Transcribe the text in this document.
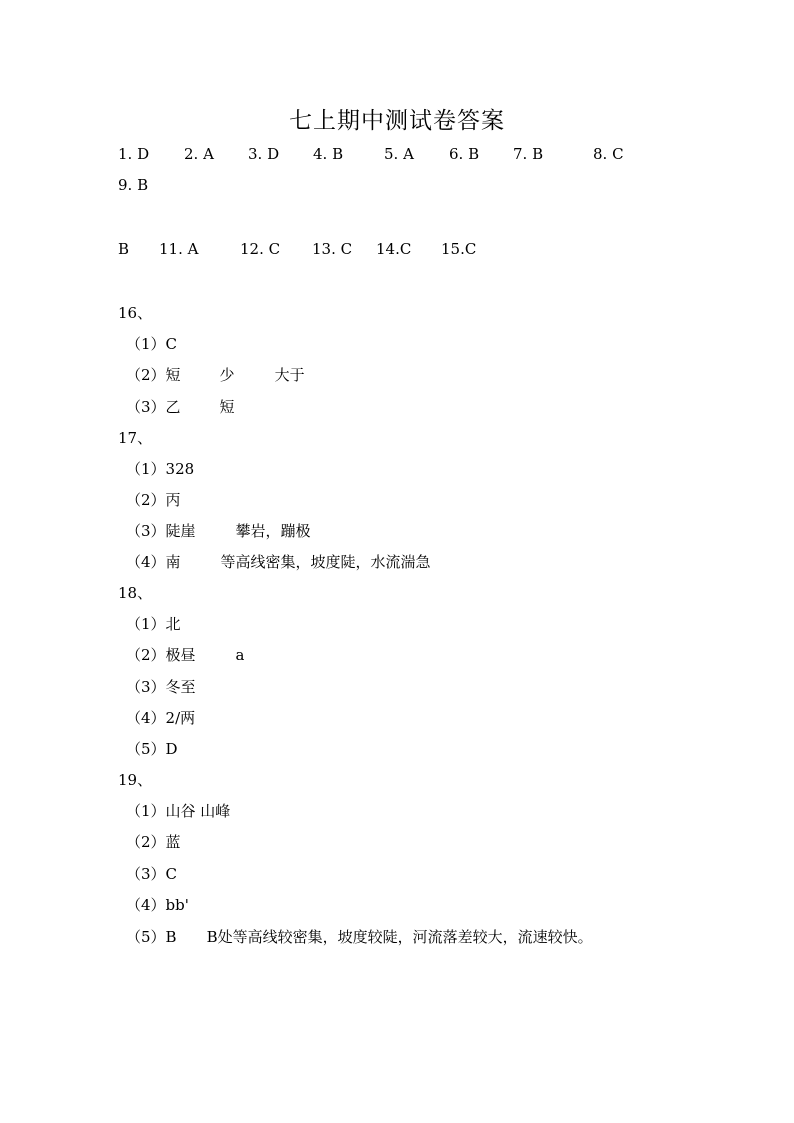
七上期中测试卷答案
1. D 2. A 3. D 4. B	5. A 6. B 7. B	8. C
9. B
B 11. A	12. C 13. C 14.C 15.C
16、
（1）C
（2）短	少	大于
（3）乙	短
17、
（1）328
（2）丙
（3）陡崖	攀岩，蹦极
（4）南	等高线密集，坡度陡，水流湍急
18、
（1）北
（2）极昼	a
（3）冬至
（4）2/两
（5）D
19、
（1）山谷 山峰
（2）蓝
（3）C
（4）bb'
（5）B B处等高线较密集，坡度较陡，河流落差较大，流速较快。
